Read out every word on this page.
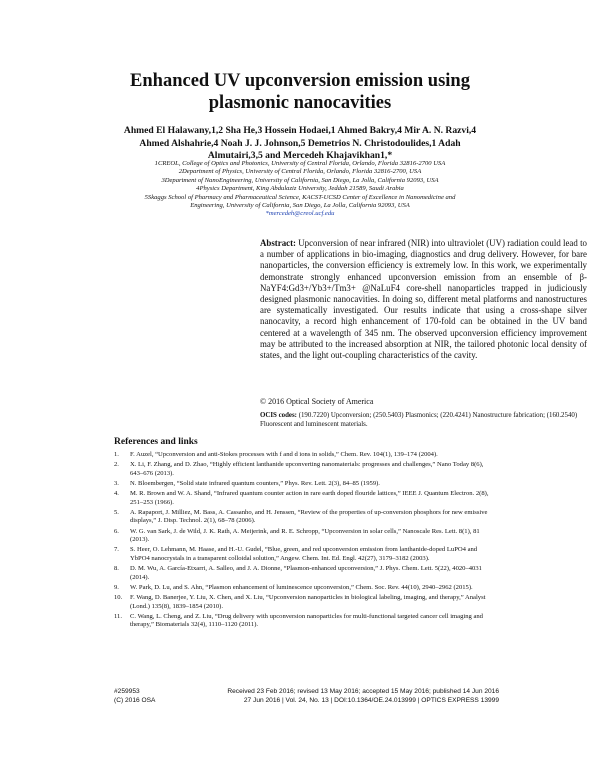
Enhanced UV upconversion emission using
plasmonic nanocavities
Ahmed El Halawany,1,2 Sha He,3 Hossein Hodaei,1 Ahmed Bakry,4 Mir A. N. Razvi,4
Ahmed Alshahrie,4 Noah J. J. Johnson,5 Demetrios N. Christodoulides,1 Adah
Almutairi,3,5 and Mercedeh Khajavikhan1,*
1CREOL, College of Optics and Photonics, University of Central Florida, Orlando, Florida 32816-2700 USA
2Department of Physics, University of Central Florida, Orlando, Florida 32816-2700, USA
3Department of NanoEngineering, University of California, San Diego, La Jolla, California 92093, USA
4Physics Department, King Abdulaziz University, Jeddah 21589, Saudi Arabia
5Skaggs School of Pharmacy and Pharmaceutical Science, KACST-UCSD Center of Excellence in Nanomedicine and
Engineering, University of California, San Diego, La Jolla, California 92093, USA
*mercedeh@creol.ucf.edu
Abstract: Upconversion of near infrared (NIR) into ultraviolet (UV) radiation could lead to a number of applications in bio-imaging, diagnostics and drug delivery. However, for bare nanoparticles, the conversion efficiency is extremely low. In this work, we experimentally demonstrate strongly enhanced upconversion emission from an ensemble of β-NaYF4:Gd3+/Yb3+/Tm3+ @NaLuF4 core-shell nanoparticles trapped in judiciously designed plasmonic nanocavities. In doing so, different metal platforms and nanostructures are systematically investigated. Our results indicate that using a cross-shape silver nanocavity, a record high enhancement of 170-fold can be obtained in the UV band centered at a wavelength of 345 nm. The observed upconversion efficiency improvement may be attributed to the increased absorption at NIR, the tailored photonic local density of states, and the light out-coupling characteristics of the cavity.
© 2016 Optical Society of America
OCIS codes: (190.7220) Upconversion; (250.5403) Plasmonics; (220.4241) Nanostructure fabrication; (160.2540) Fluorescent and luminescent materials.
References and links
1.	F. Auzel, “Upconversion and anti-Stokes processes with f and d ions in solids,” Chem. Rev. 104(1), 139–174 (2004).
2.	X. Li, F. Zhang, and D. Zhao, “Highly efficient lanthanide upconverting nanomaterials: progresses and challenges,” Nano Today 8(6), 643–676 (2013).
3.	N. Bloembergen, “Solid state infrared quantum counters,” Phys. Rev. Lett. 2(3), 84–85 (1959).
4.	M. R. Brown and W. A. Shand, “Infrared quantum counter action in rare earth doped flouride lattices,” IEEE J. Quantum Electron. 2(8), 251–253 (1966).
5.	A. Rapaport, J. Milliez, M. Bass, A. Cassanho, and H. Jenssen, “Review of the properties of up-conversion phosphors for new emissive displays,” J. Disp. Technol. 2(1), 68–78 (2006).
6.	W. G. van Sark, J. de Wild, J. K. Rath, A. Meijerink, and R. E. Schropp, “Upconversion in solar cells,” Nanoscale Res. Lett. 8(1), 81 (2013).
7.	S. Heer, O. Lehmann, M. Haase, and H.-U. Gudel, “Blue, green, and red upconversion emission from lanthanide-doped LuPO4 and YbPO4 nanocrystals in a transparent colloidal solution,” Angew. Chem. Int. Ed. Engl. 42(27), 3179–3182 (2003).
8.	D. M. Wu, A. García-Etxarri, A. Salleo, and J. A. Dionne, “Plasmon-enhanced upconversion,” J. Phys. Chem. Lett. 5(22), 4020–4031 (2014).
9.	W. Park, D. Lu, and S. Ahn, “Plasmon enhancement of luminescence upconversion,” Chem. Soc. Rev. 44(10), 2940–2962 (2015).
10.	F. Wang, D. Banerjee, Y. Liu, X. Chen, and X. Liu, “Upconversion nanoparticles in biological labeling, imaging, and therapy,” Analyst (Lond.) 135(8), 1839–1854 (2010).
11.	C. Wang, L. Cheng, and Z. Liu, “Drug delivery with upconversion nanoparticles for multi-functional targeted cancer cell imaging and therapy,” Biomaterials 32(4), 1110–1120 (2011).
#259953	Received 23 Feb 2016; revised 13 May 2016; accepted 15 May 2016; published 14 Jun 2016
(C) 2016 OSA	27 Jun 2016 | Vol. 24, No. 13 | DOI:10.1364/OE.24.013999 | OPTICS EXPRESS 13999
